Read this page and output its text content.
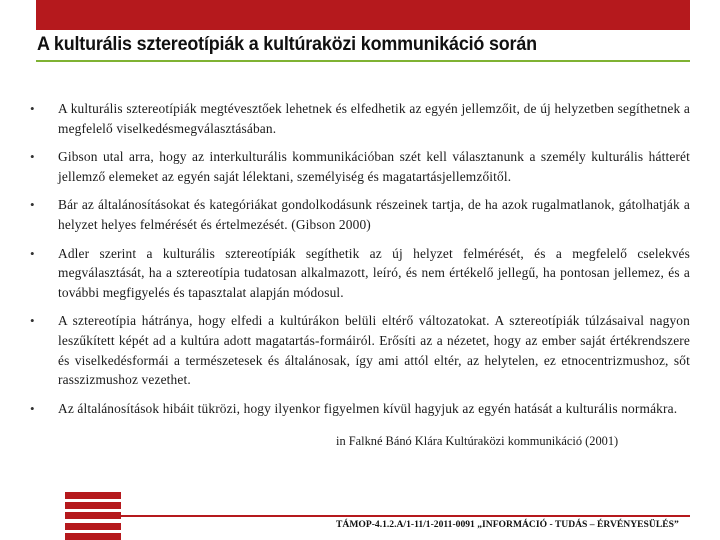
A kulturális sztereotípiák a kultúraközi kommunikáció során
• A kulturális sztereotípiák megtévesztőek lehetnek és elfedhetik az egyén jellemzőit, de új helyzetben segíthetnek a megfelelő viselkedésmegválasztásában.
• Gibson utal arra, hogy az interkulturális kommunikációban szét kell választanunk a személy kulturális hátterét jellemző elemeket az egyén saját lélektani, személyiség és magatartásjellemzőitől.
• Bár az általánosításokat és kategóriákat gondolkodásunk részeinek tartja, de ha azok rugalmatlanok, gátolhatják a helyzet helyes felmérését és értelmezését. (Gibson 2000)
• Adler szerint a kulturális sztereotípiák segíthetik az új helyzet felmérését, és a megfelelő cselekvés megválasztását, ha a sztereotípia tudatosan alkalmazott, leíró, és nem értékelő jellegű, ha pontosan jellemez, és a további megfigyelés és tapasztalat alapján módosul.
• A sztereotípia hátránya, hogy elfedi a kultúrákon belüli eltérő változatokat. A sztereotípiák túlzásaival nagyon leszűkített képét ad a kultúra adott magatartás-formáiról. Erősíti az a nézetet, hogy az ember saját értékrendszere és viselkedésformái a természetesek és általánosak, így ami attól eltér, az helytelen, ez etnocentrizmushoz, sőt rasszizmushoz vezethet.
• Az általánosítások hibáit tükrözi, hogy ilyenkor figyelmen kívül hagyjuk az egyén hatását a kulturális normákra.
in Falkné Bánó Klára Kultúraközi kommunikáció (2001)
TÁMOP-4.1.2.A/1-11/1-2011-0091 „INFORMÁCIÓ - TUDÁS – ÉRVÉNYESÜLÉS”
